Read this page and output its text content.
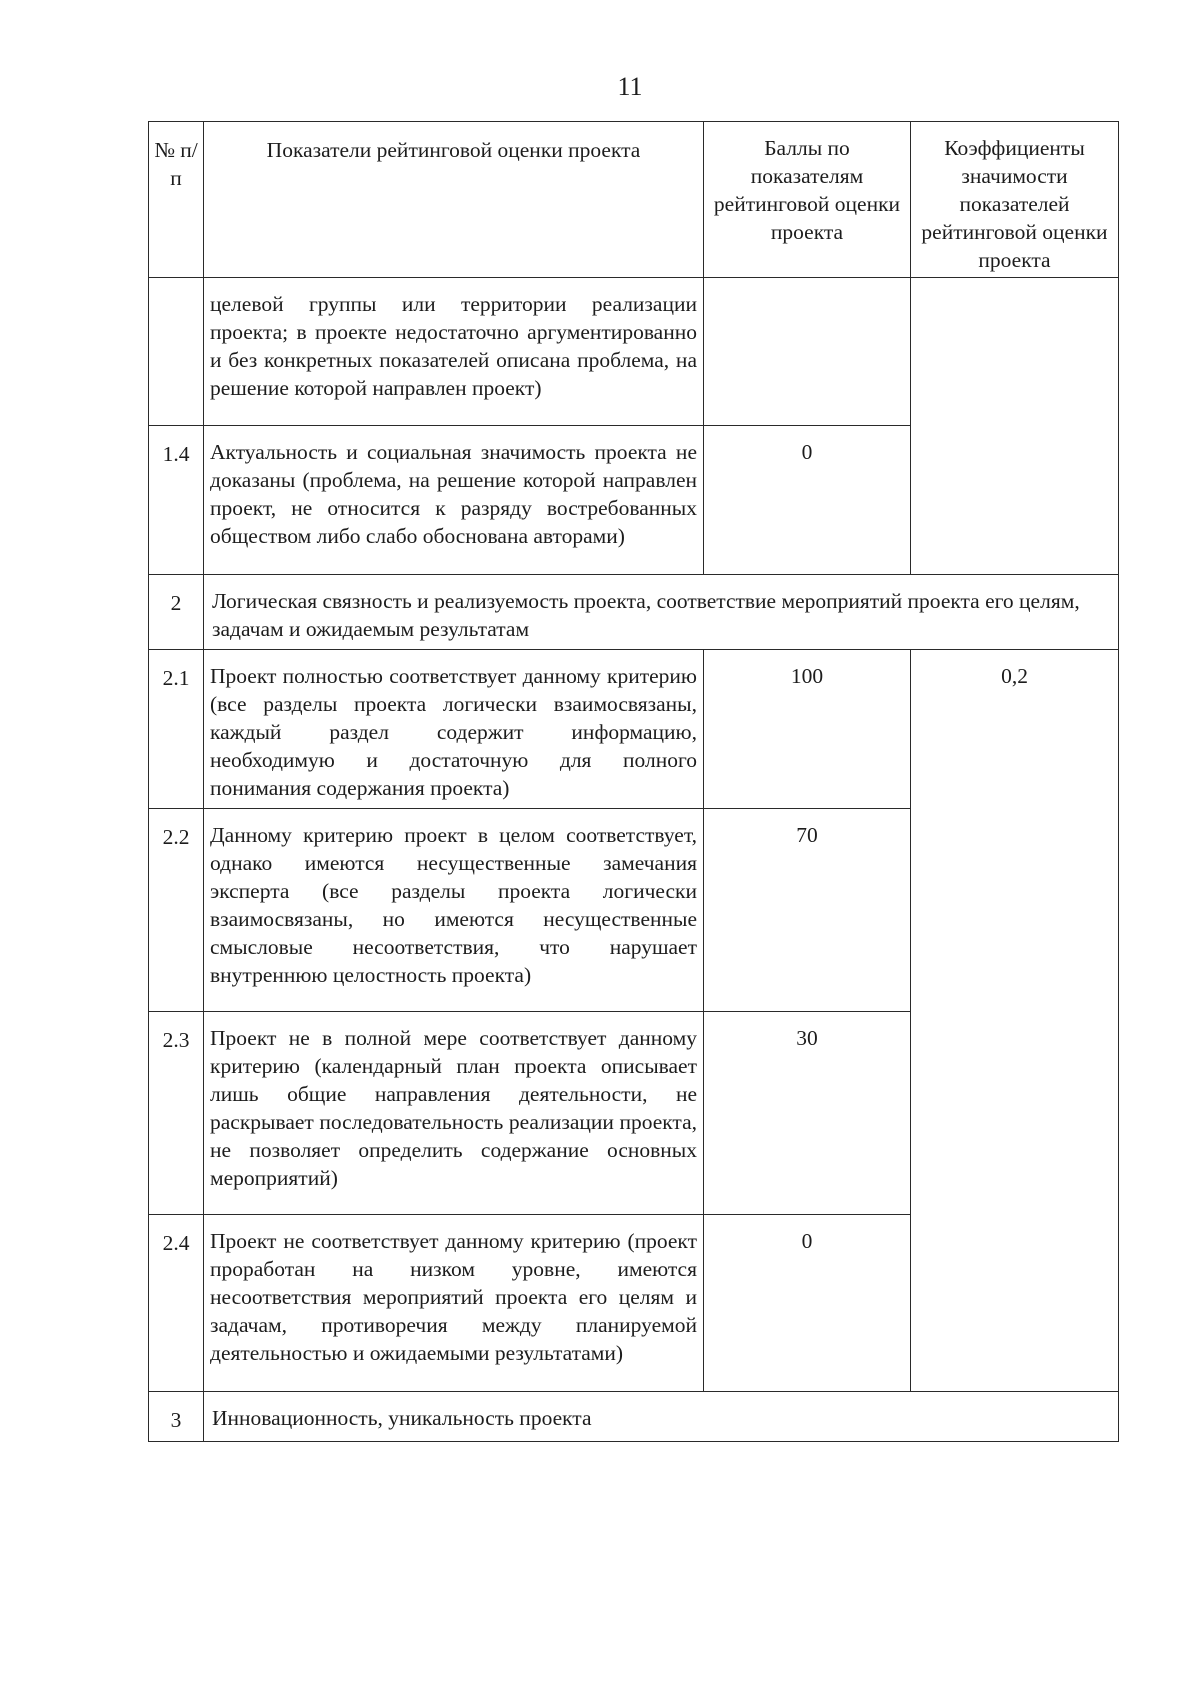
11
№ п/п	Показатели рейтинговой оценки проекта	Баллы по показателям рейтинговой оценки проекта	Коэффициенты значимости показателей рейтинговой оценки проекта
	целевой группы или территории реализации проекта; в проекте недостаточно аргументированно и без конкретных показателей описана проблема, на решение которой направлен проект)		
1.4	Актуальность и социальная значимость проекта не доказаны (проблема, на решение которой направлен проект, не относится к разряду востребованных обществом либо слабо обоснована авторами)	0	
2	Логическая связность и реализуемость проекта, соответствие мероприятий проекта его целям, задачам и ожидаемым результатам		
2.1	Проект полностью соответствует данному критерию (все разделы проекта логически взаимосвязаны, каждый раздел содержит информацию, необходимую и достаточную для полного понимания содержания проекта)	100	0,2
2.2	Данному критерию проект в целом соответствует, однако имеются несущественные замечания эксперта (все разделы проекта логически взаимосвязаны, но имеются несущественные смысловые несоответствия, что нарушает внутреннюю целостность проекта)	70	
2.3	Проект не в полной мере соответствует данному критерию (календарный план проекта описывает лишь общие направления деятельности, не раскрывает последовательность реализации проекта, не позволяет определить содержание основных мероприятий)	30	
2.4	Проект не соответствует данному критерию (проект проработан на низком уровне, имеются несоответствия мероприятий проекта его целям и задачам, противоречия между планируемой деятельностью и ожидаемыми результатами)	0	
3	Инновационность, уникальность проекта		
